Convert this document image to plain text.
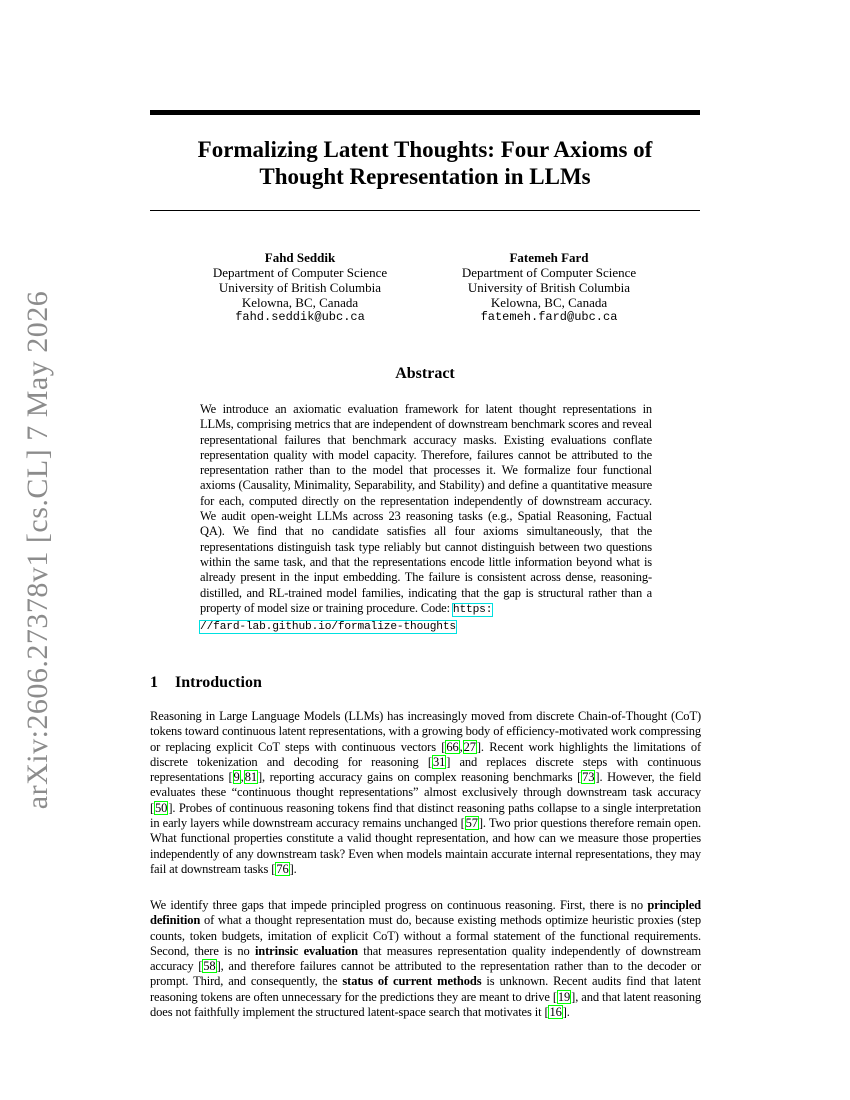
arXiv:2606.27378v1 [cs.CL] 7 May 2026
Formalizing Latent Thoughts: Four Axioms of
Thought Representation in LLMs
Fahd Seddik
Department of Computer Science
University of British Columbia
Kelowna, BC, Canada
fahd.seddik@ubc.ca
Fatemeh Fard
Department of Computer Science
University of British Columbia
Kelowna, BC, Canada
fatemeh.fard@ubc.ca
Abstract
We introduce an axiomatic evaluation framework for latent thought representations in LLMs, comprising metrics that are independent of downstream benchmark scores and reveal representational failures that benchmark accuracy masks. Existing evaluations conflate representation quality with model capacity. Therefore, failures cannot be attributed to the representation rather than to the model that processes it. We formalize four functional axioms (Causality, Minimality, Separability, and Stability) and define a quantitative measure for each, computed directly on the representation independently of downstream accuracy. We audit open-weight LLMs across 23 reasoning tasks (e.g., Spatial Reasoning, Factual QA). We find that no candidate satisfies all four axioms simultaneously, that the representations distinguish task type reliably but cannot distinguish between two questions within the same task, and that the representations encode little information beyond what is already present in the input embedding. The failure is consistent across dense, reasoning-distilled, and RL-trained model families, indicating that the gap is structural rather than a property of model size or training procedure. Code: https:
//fard-lab.github.io/formalize-thoughts
1 Introduction
Reasoning in Large Language Models (LLMs) has increasingly moved from discrete Chain-of-Thought (CoT) tokens toward continuous latent representations, with a growing body of efficiency-motivated work compressing or replacing explicit CoT steps with continuous vectors [66,27]. Recent work highlights the limitations of discrete tokenization and decoding for reasoning [31] and replaces discrete steps with continuous representations [9,81], reporting accuracy gains on complex reasoning benchmarks [73]. However, the field evaluates these “continuous thought representations” almost exclusively through downstream task accuracy [50]. Probes of continuous reasoning tokens find that distinct reasoning paths collapse to a single interpretation in early layers while downstream accuracy remains unchanged [57]. Two prior questions therefore remain open. What functional properties constitute a valid thought representation, and how can we measure those properties independently of any downstream task? Even when models maintain accurate internal representations, they may fail at downstream tasks [76].
We identify three gaps that impede principled progress on continuous reasoning. First, there is no principled definition of what a thought representation must do, because existing methods optimize heuristic proxies (step counts, token budgets, imitation of explicit CoT) without a formal statement of the functional requirements. Second, there is no intrinsic evaluation that measures representation quality independently of downstream accuracy [58], and therefore failures cannot be attributed to the representation rather than to the decoder or prompt. Third, and consequently, the status of current methods is unknown. Recent audits find that latent reasoning tokens are often unnecessary for the predictions they are meant to drive [19], and that latent reasoning does not faithfully implement the structured latent-space search that motivates it [16].
